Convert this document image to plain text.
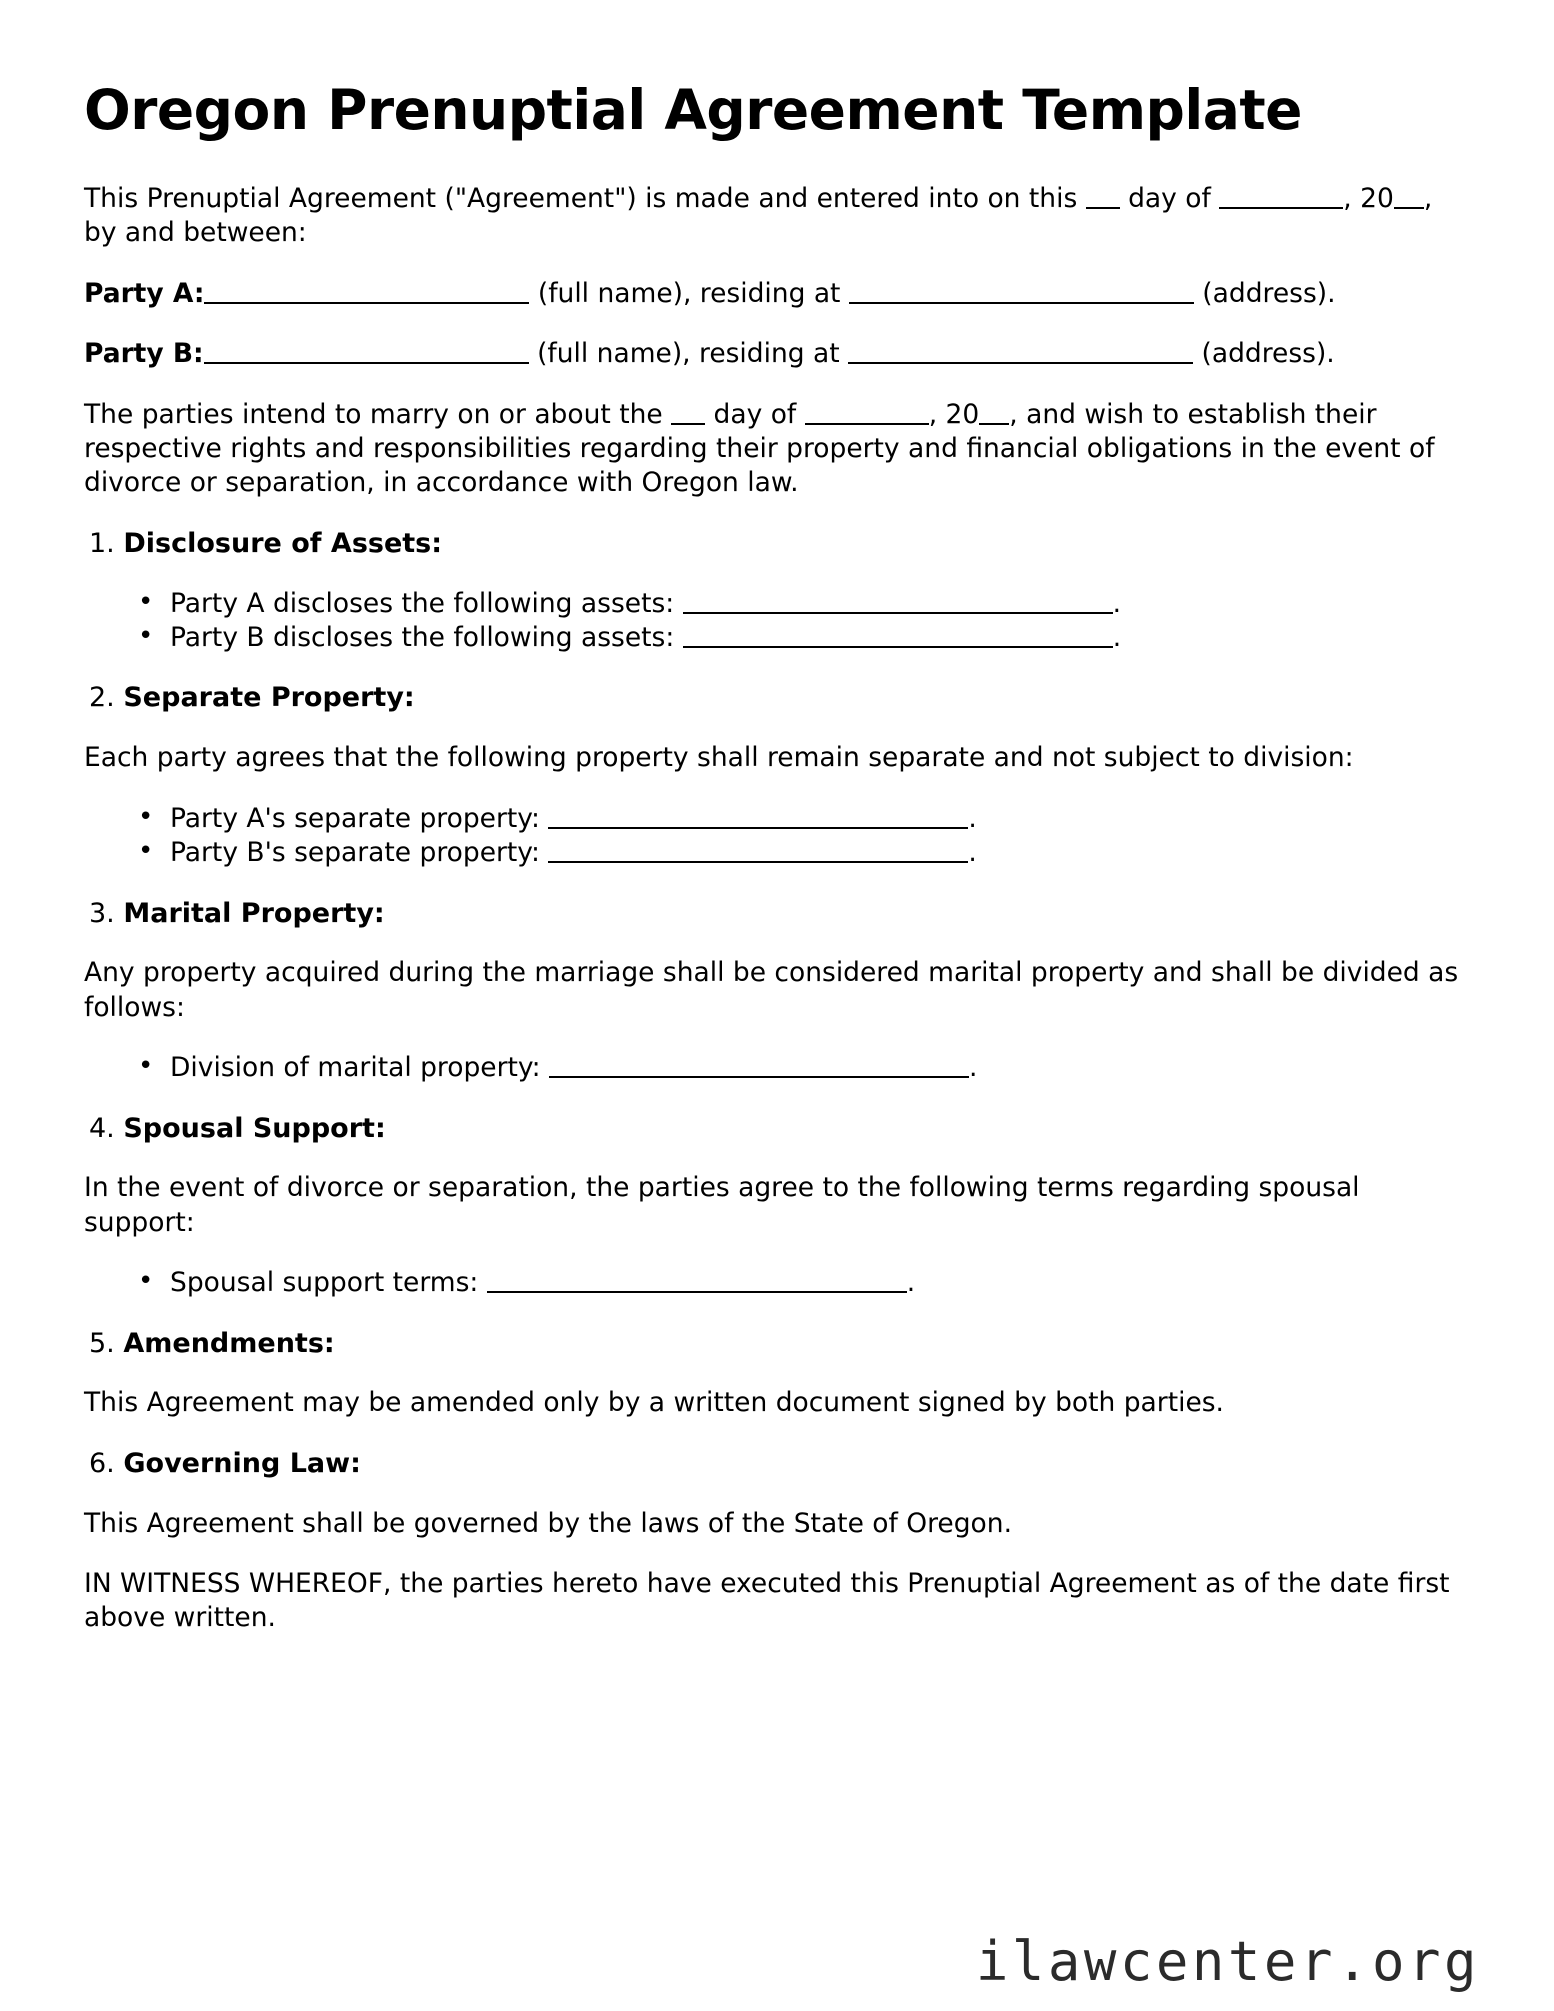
Oregon Prenuptial Agreement Template

This Prenuptial Agreement ("Agreement") is made and entered into on this  day of	, 20 , by and between:

Party A:	(full name), residing at	(address).

Party B:	(full name), residing at	(address).

The parties intend to marry on or about the  day of	, 20 , and wish to establish their respective rights and responsibilities regarding their property and financial obligations in the event of divorce or separation, in accordance with Oregon law.

1. Disclosure of Assets:
• Party A discloses the following assets:	.
• Party B discloses the following assets:	.
2. Separate Property:

Each party agrees that the following property shall remain separate and not subject to division:

• Party A's separate property:	.
• Party B's separate property:	.
3. Marital Property:

Any property acquired during the marriage shall be considered marital property and shall be divided as follows:

• Division of marital property:	.
4. Spousal Support:

In the event of divorce or separation, the parties agree to the following terms regarding spousal support:

• Spousal support terms:	.
5. Amendments:

This Agreement may be amended only by a written document signed by both parties.

6. Governing Law:

This Agreement shall be governed by the laws of the State of Oregon.

IN WITNESS WHEREOF, the parties hereto have executed this Prenuptial Agreement as of the date first above written.

ilawcenter.org
